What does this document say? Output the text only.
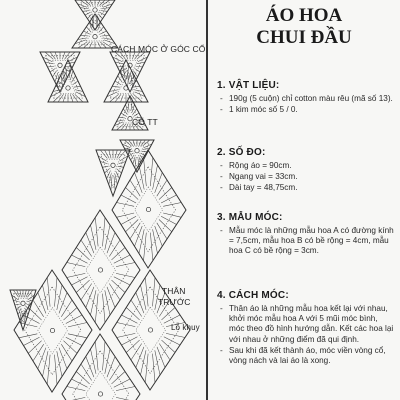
CÁCH MÓC Ở GÓC CỔ
CỔ TT
THÂN
TRƯỚC
Lỗ khuy
ÁO HOA
CHUI ĐẦU
1. VẬT LIỆU:
- 190g (5 cuộn) chỉ cotton màu rêu (mã số 13).
- 1 kim móc số 5 / 0.
2. SỐ ĐO:
- Rộng áo = 90cm.
- Ngang vai = 33cm.
- Dài tay = 48,75cm.
3. MẪU MÓC:
- Mẫu móc là những mẫu hoa A có đường kính = 7,5cm, mẫu hoa B có bề rộng = 4cm, mẫu hoa C có bề rộng = 3cm.
4. CÁCH MÓC:
- Thân áo là những mẫu hoa kết lại với nhau, khởi móc mẫu hoa A với 5 mũi móc bình, móc theo đồ hình hướng dẫn. Kết các hoa lại với nhau ở những điểm đã qui định.
- Sau khi đã kết thành áo, móc viền vòng cổ, vòng nách và lai áo là xong.
